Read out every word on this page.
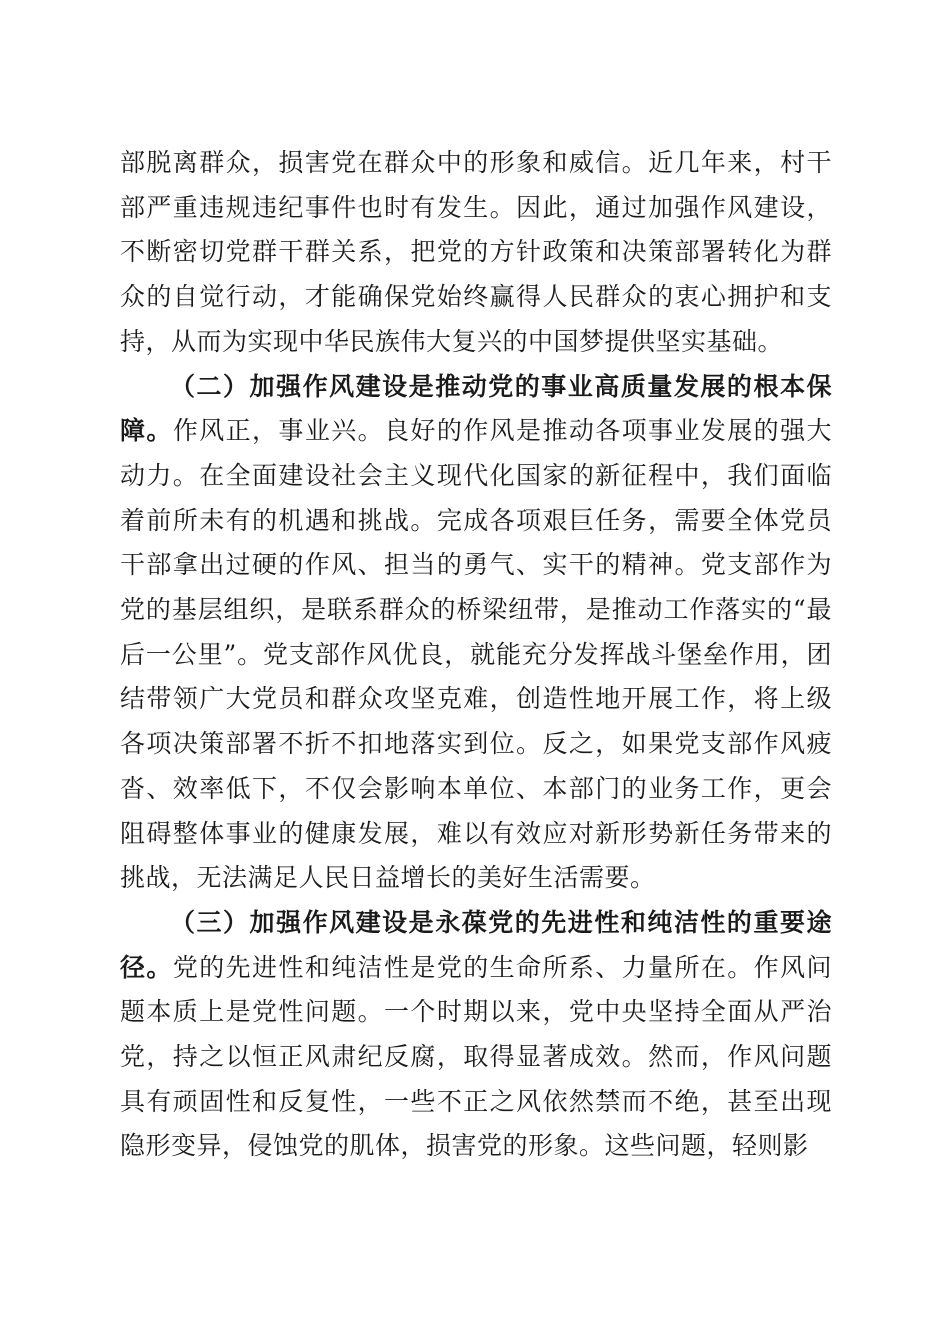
部脱离群众，损害党在群众中的形象和威信。近几年来，村干部严重违规违纪事件也时有发生。因此，通过加强作风建设，不断密切党群干群关系，把党的方针政策和决策部署转化为群众的自觉行动，才能确保党始终赢得人民群众的衷心拥护和支持，从而为实现中华民族伟大复兴的中国梦提供坚实基础。

（二）加强作风建设是推动党的事业高质量发展的根本保障。作风正，事业兴。良好的作风是推动各项事业发展的强大动力。在全面建设社会主义现代化国家的新征程中，我们面临着前所未有的机遇和挑战。完成各项艰巨任务，需要全体党员干部拿出过硬的作风、担当的勇气、实干的精神。党支部作为党的基层组织，是联系群众的桥梁纽带，是推动工作落实的“最后一公里”。党支部作风优良，就能充分发挥战斗堡垒作用，团结带领广大党员和群众攻坚克难，创造性地开展工作，将上级各项决策部署不折不扣地落实到位。反之，如果党支部作风疲沓、效率低下，不仅会影响本单位、本部门的业务工作，更会阻碍整体事业的健康发展，难以有效应对新形势新任务带来的挑战，无法满足人民日益增长的美好生活需要。

（三）加强作风建设是永葆党的先进性和纯洁性的重要途径。党的先进性和纯洁性是党的生命所系、力量所在。作风问题本质上是党性问题。一个时期以来，党中央坚持全面从严治党，持之以恒正风肃纪反腐，取得显著成效。然而，作风问题具有顽固性和反复性，一些不正之风依然禁而不绝，甚至出现隐形变异，侵蚀党的肌体，损害党的形象。这些问题，轻则影
